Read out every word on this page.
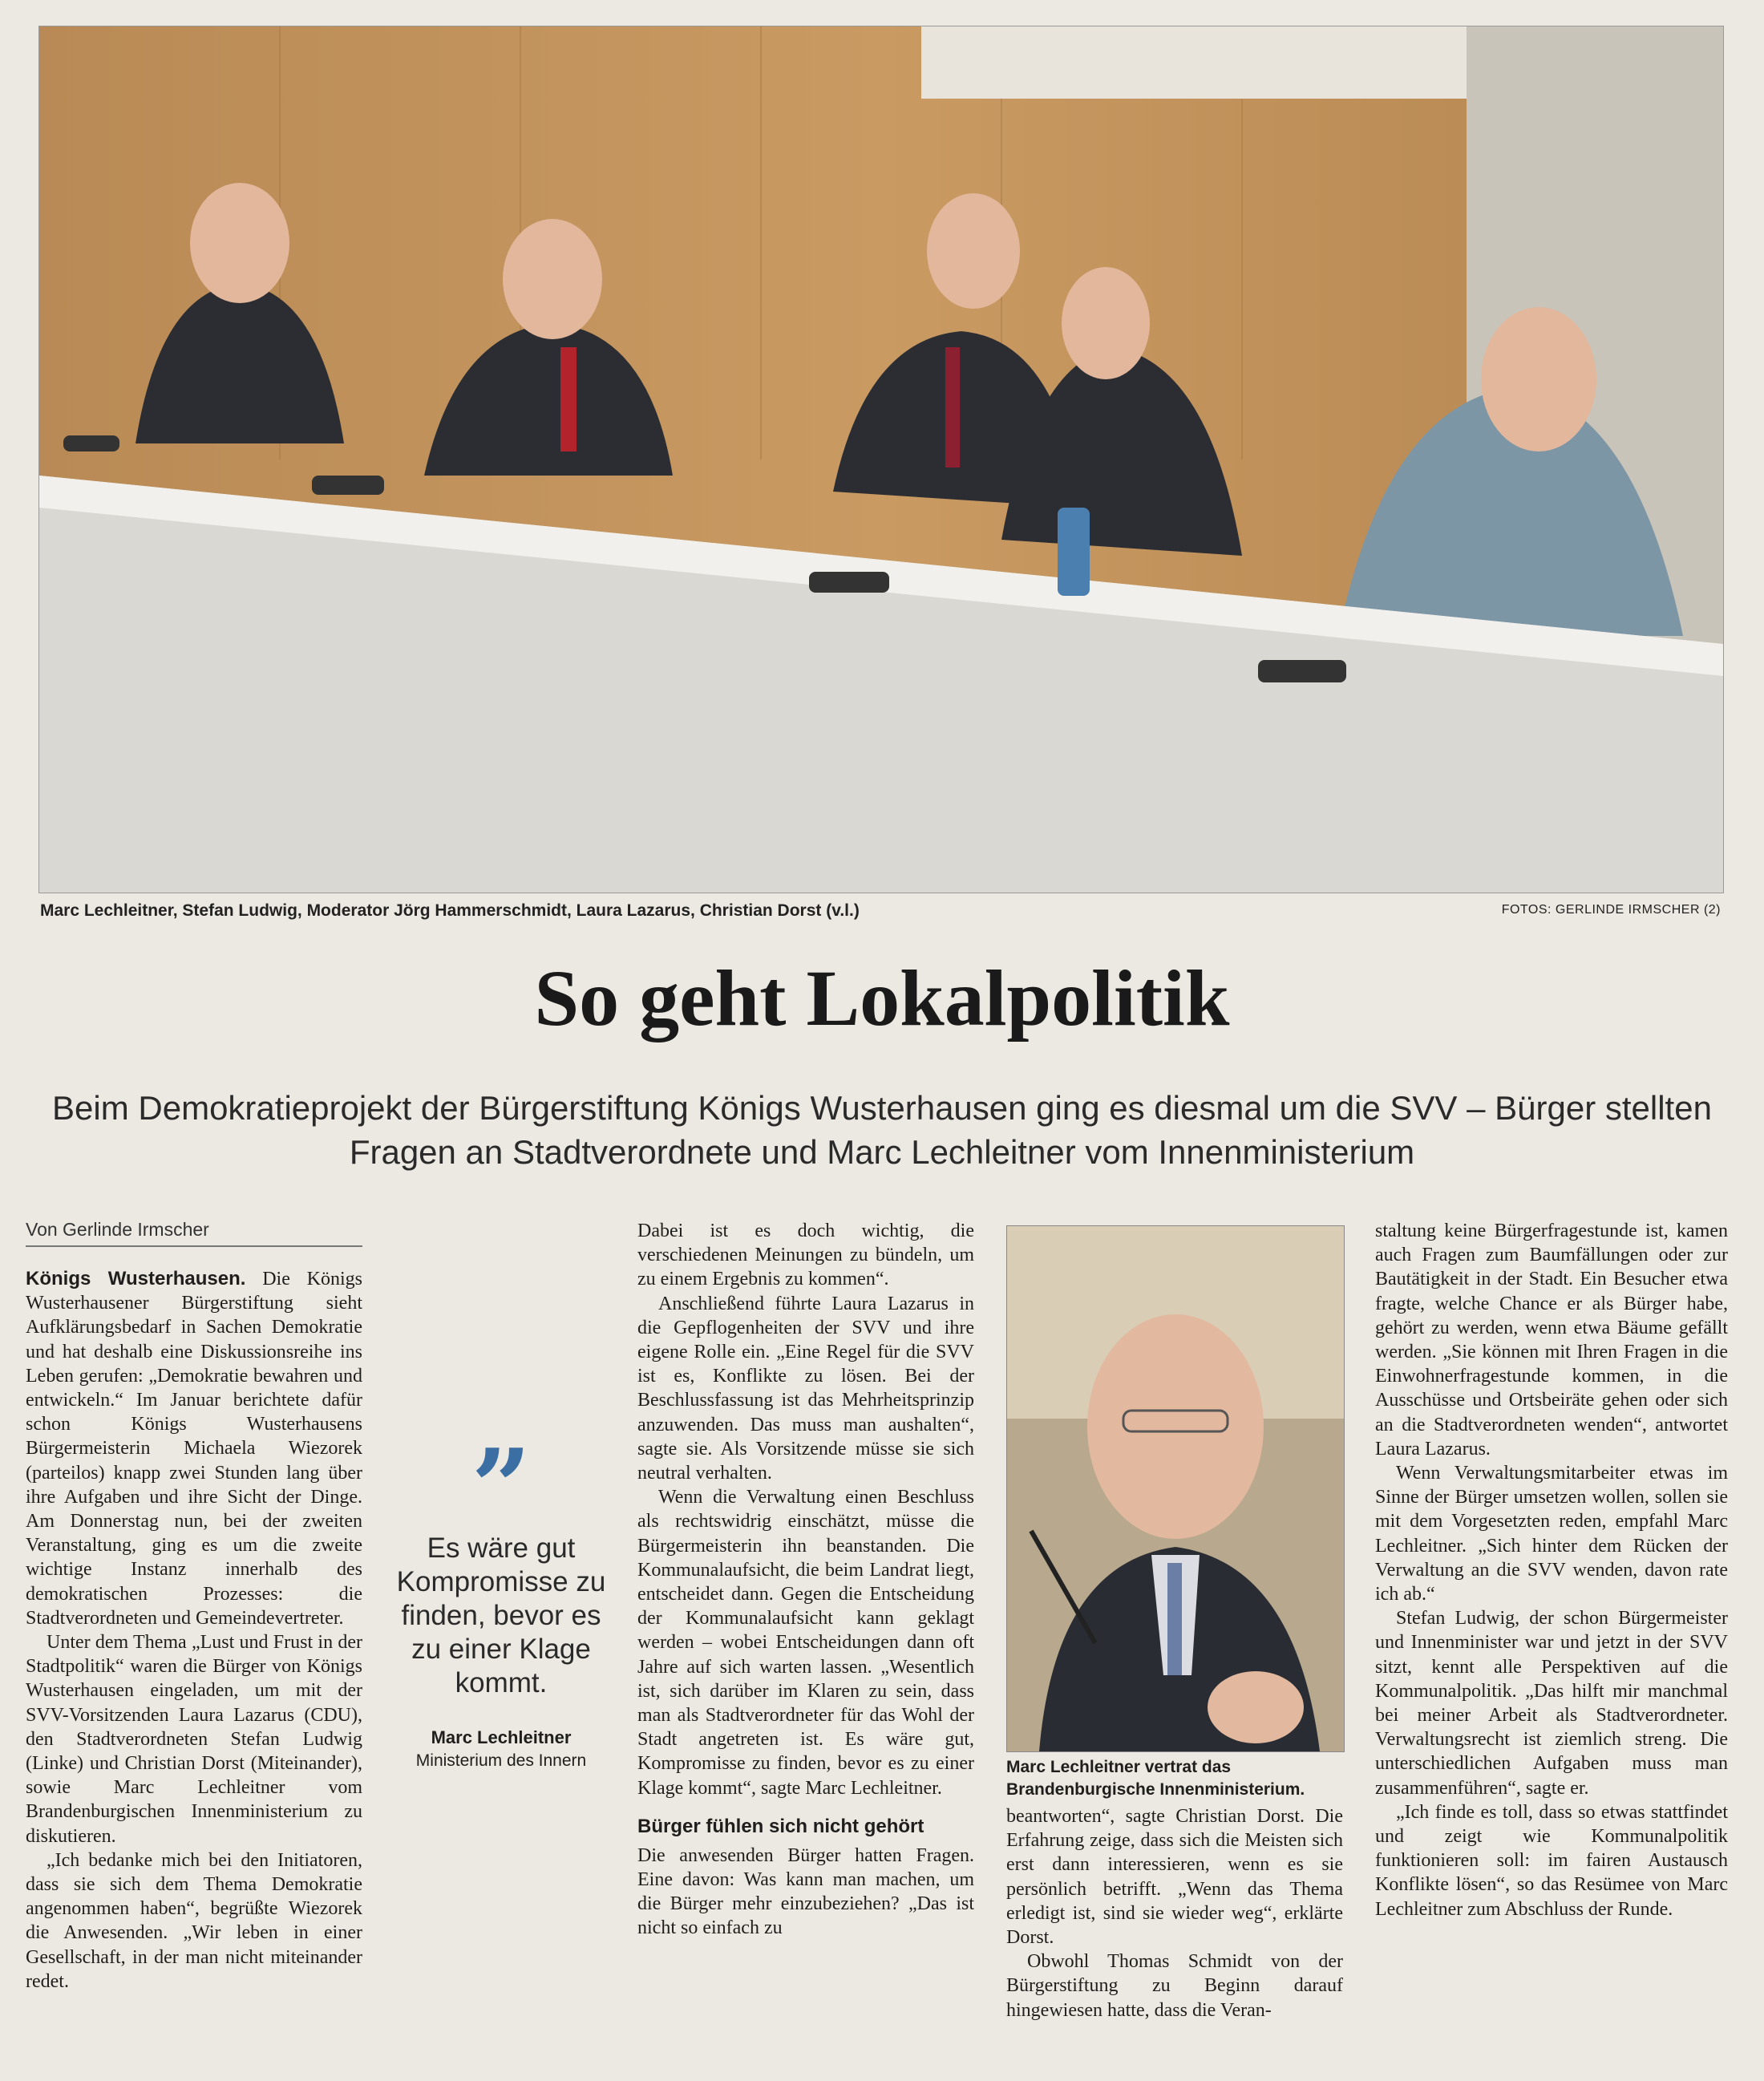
Marc Lechleitner, Stefan Ludwig, Moderator Jörg Hammerschmidt, Laura Lazarus, Christian Dorst (v.l.)	FOTOS: GERLINDE IRMSCHER (2)
So geht Lokalpolitik
Beim Demokratieprojekt der Bürgerstiftung Königs Wusterhausen ging es diesmal um die SVV – Bürger stellten Fragen an Stadtverordnete und Marc Lechleitner vom Innenministerium
Von Gerlinde Irmscher

Königs Wusterhausen. Die Königs Wusterhausener Bürgerstiftung sieht Aufklärungsbedarf in Sachen Demokratie und hat deshalb eine Diskussionsreihe ins Leben gerufen: „Demokratie bewahren und entwickeln.“ Im Januar berichtete dafür schon Königs Wusterhausens Bürgermeisterin Michaela Wiezorek (parteilos) knapp zwei Stunden lang über ihre Aufgaben und ihre Sicht der Dinge. Am Donnerstag nun, bei der zweiten Veranstaltung, ging es um die zweite wichtige Instanz innerhalb des demokratischen Prozesses: die Stadtverordneten und Gemeindevertreter.

Unter dem Thema „Lust und Frust in der Stadtpolitik“ waren die Bürger von Königs Wusterhausen eingeladen, um mit der SVV-Vorsitzenden Laura Lazarus (CDU), den Stadtverordneten Stefan Ludwig (Linke) und Christian Dorst (Miteinander), sowie Marc Lechleitner vom Brandenburgischen Innenministerium zu diskutieren.

„Ich bedanke mich bei den Initiatoren, dass sie sich dem Thema Demokratie angenommen haben“, begrüßte Wiezorek die Anwesenden. „Wir leben in einer Gesellschaft, in der man nicht miteinander redet.

”
Es wäre gut Kompromisse zu finden, bevor es zu einer Klage kommt.
Marc Lechleitner
Ministerium des Innern

Dabei ist es doch wichtig, die verschiedenen Meinungen zu bündeln, um zu einem Ergebnis zu kommen“.

Anschließend führte Laura Lazarus in die Gepflogenheiten der SVV und ihre eigene Rolle ein. „Eine Regel für die SVV ist es, Konflikte zu lösen. Bei der Beschlussfassung ist das Mehrheitsprinzip anzuwenden. Das muss man aushalten“, sagte sie. Als Vorsitzende müsse sie sich neutral verhalten.

Wenn die Verwaltung einen Beschluss als rechtswidrig einschätzt, müsse die Bürgermeisterin ihn beanstanden. Die Kommunalaufsicht, die beim Landrat liegt, entscheidet dann. Gegen die Entscheidung der Kommunalaufsicht kann geklagt werden – wobei Entscheidungen dann oft Jahre auf sich warten lassen. „Wesentlich ist, sich darüber im Klaren zu sein, dass man als Stadtverordneter für das Wohl der Stadt angetreten ist. Es wäre gut, Kompromisse zu finden, bevor es zu einer Klage kommt“, sagte Marc Lechleitner.

Bürger fühlen sich nicht gehört

Die anwesenden Bürger hatten Fragen. Eine davon: Was kann man machen, um die Bürger mehr einzubeziehen? „Das ist nicht so einfach zu

Marc Lechleitner vertrat das Brandenburgische Innenministerium.

beantworten“, sagte Christian Dorst. Die Erfahrung zeige, dass sich die Meisten sich erst dann interessieren, wenn es sie persönlich betrifft. „Wenn das Thema erledigt ist, sind sie wieder weg“, erklärte Dorst.

Obwohl Thomas Schmidt von der Bürgerstiftung zu Beginn darauf hingewiesen hatte, dass die Veran-

staltung keine Bürgerfragestunde ist, kamen auch Fragen zum Baumfällungen oder zur Bautätigkeit in der Stadt. Ein Besucher etwa fragte, welche Chance er als Bürger habe, gehört zu werden, wenn etwa Bäume gefällt werden. „Sie können mit Ihren Fragen in die Einwohnerfragestunde kommen, in die Ausschüsse und Ortsbeiräte gehen oder sich an die Stadtverordneten wenden“, antwortet Laura Lazarus.

Wenn Verwaltungsmitarbeiter etwas im Sinne der Bürger umsetzen wollen, sollen sie mit dem Vorgesetzten reden, empfahl Marc Lechleitner. „Sich hinter dem Rücken der Verwaltung an die SVV wenden, davon rate ich ab.“

Stefan Ludwig, der schon Bürgermeister und Innenminister war und jetzt in der SVV sitzt, kennt alle Perspektiven auf die Kommunalpolitik. „Das hilft mir manchmal bei meiner Arbeit als Stadtverordneter. Verwaltungsrecht ist ziemlich streng. Die unterschiedlichen Aufgaben muss man zusammenführen“, sagte er.

„Ich finde es toll, dass so etwas stattfindet und zeigt wie Kommunalpolitik funktionieren soll: im fairen Austausch Konflikte lösen“, so das Resümee von Marc Lechleitner zum Abschluss der Runde.
